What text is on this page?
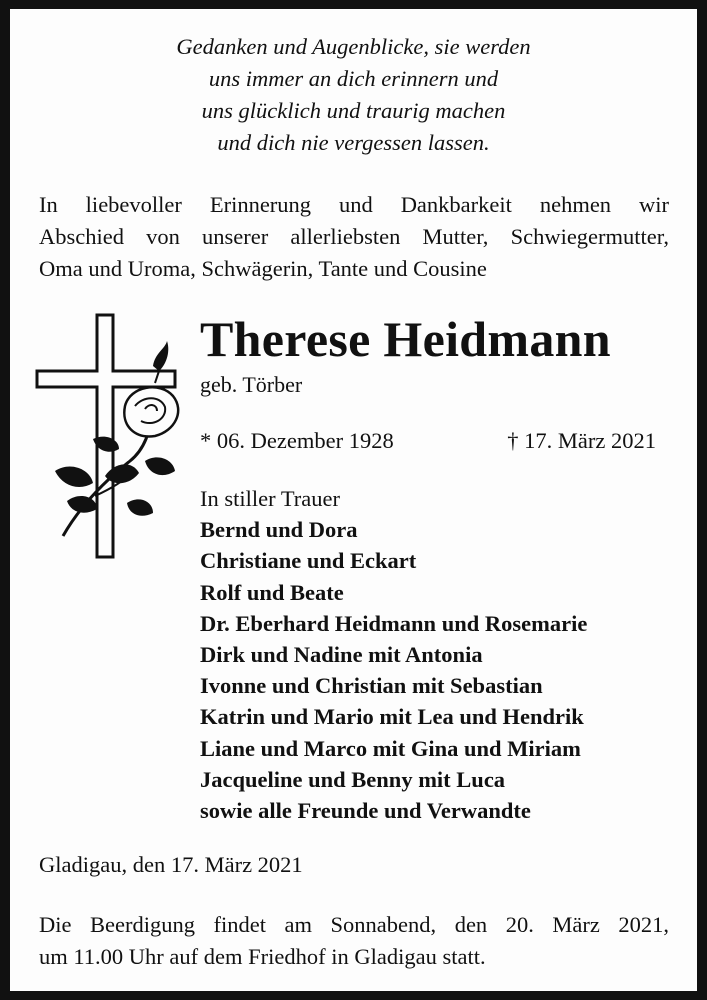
Gedanken und Augenblicke, sie werden
uns immer an dich erinnern und
uns glücklich und traurig machen
und dich nie vergessen lassen.
In liebevoller Erinnerung und Dankbarkeit nehmen wir
Abschied von unserer allerliebsten Mutter, Schwiegermutter,
Oma und Uroma, Schwägerin, Tante und Cousine
Therese Heidmann
geb. Törber
* 06. Dezember 1928	† 17. März 2021
In stiller Trauer
Bernd und Dora
Christiane und Eckart
Rolf und Beate
Dr. Eberhard Heidmann und Rosemarie
Dirk und Nadine mit Antonia
Ivonne und Christian mit Sebastian
Katrin und Mario mit Lea und Hendrik
Liane und Marco mit Gina und Miriam
Jacqueline und Benny mit Luca
sowie alle Freunde und Verwandte
Gladigau, den 17. März 2021
Die Beerdigung findet am Sonnabend, den 20. März 2021,
um 11.00 Uhr auf dem Friedhof in Gladigau statt.
